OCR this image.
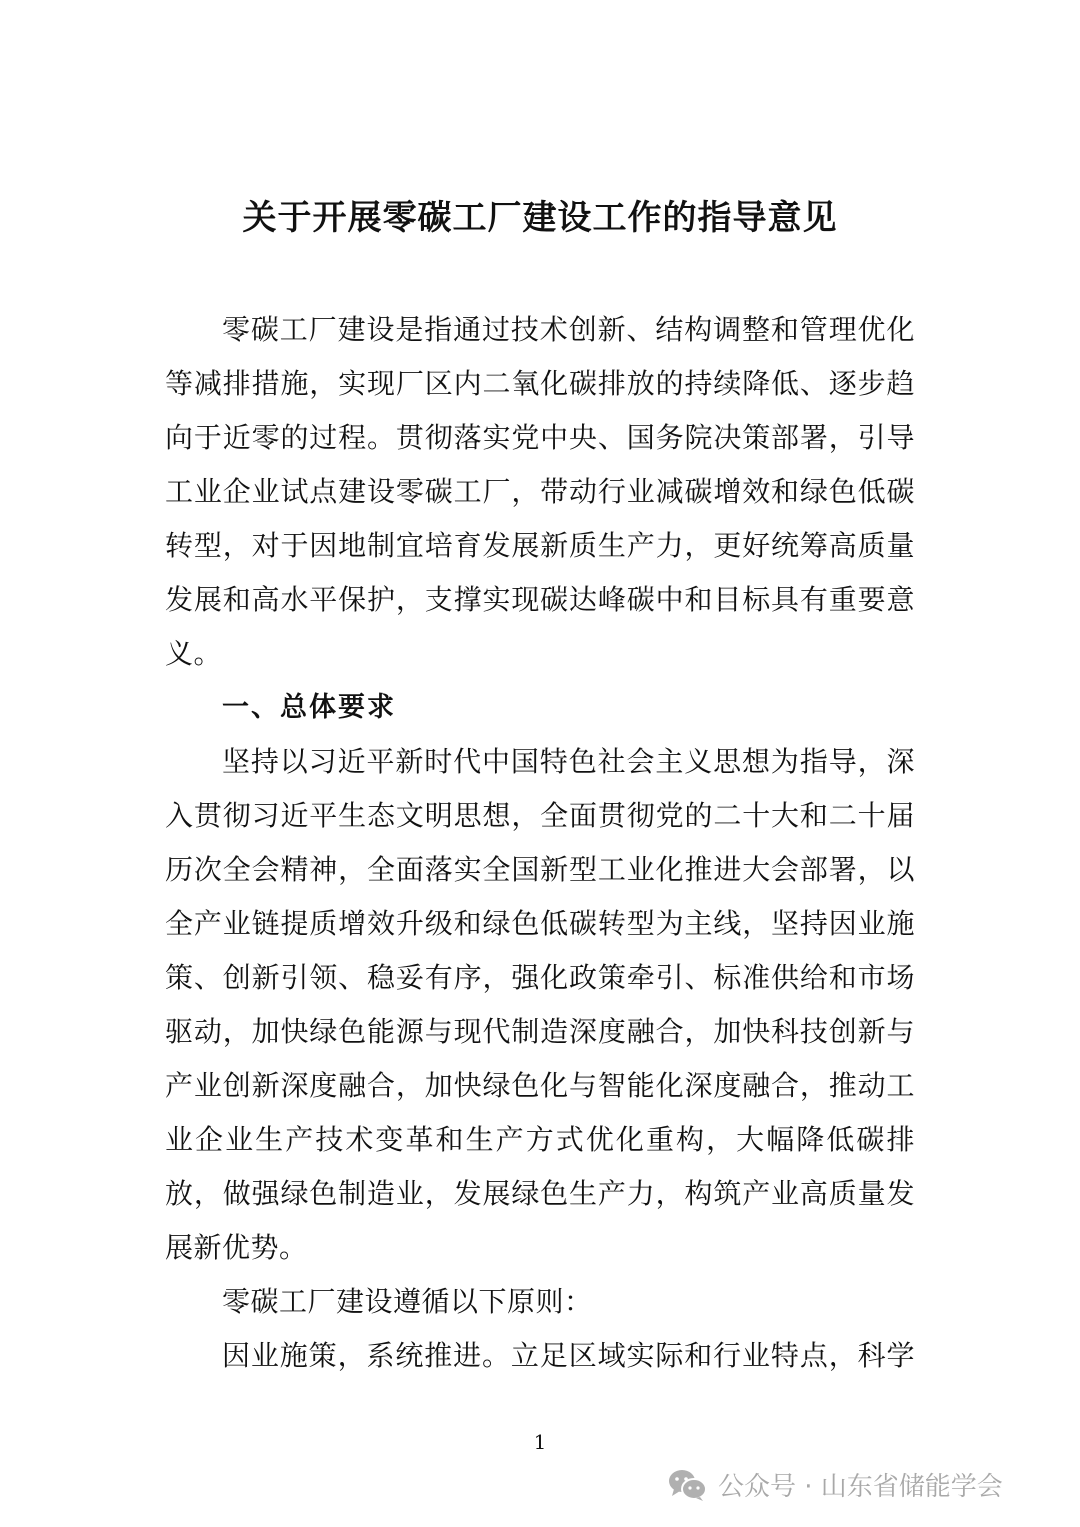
关于开展零碳工厂建设工作的指导意见
零碳工厂建设是指通过技术创新、结构调整和管理优化
等减排措施，实现厂区内二氧化碳排放的持续降低、逐步趋
向于近零的过程。贯彻落实党中央、国务院决策部署，引导
工业企业试点建设零碳工厂，带动行业减碳增效和绿色低碳
转型，对于因地制宜培育发展新质生产力，更好统筹高质量
发展和高水平保护，支撑实现碳达峰碳中和目标具有重要意
义。
一、总体要求
坚持以习近平新时代中国特色社会主义思想为指导，深
入贯彻习近平生态文明思想，全面贯彻党的二十大和二十届
历次全会精神，全面落实全国新型工业化推进大会部署，以
全产业链提质增效升级和绿色低碳转型为主线，坚持因业施
策、创新引领、稳妥有序，强化政策牵引、标准供给和市场
驱动，加快绿色能源与现代制造深度融合，加快科技创新与
产业创新深度融合，加快绿色化与智能化深度融合，推动工
业企业生产技术变革和生产方式优化重构，大幅降低碳排
放，做强绿色制造业，发展绿色生产力，构筑产业高质量发
展新优势。
零碳工厂建设遵循以下原则：
因业施策，系统推进。立足区域实际和行业特点，科学
1
公众号 · 山东省储能学会
